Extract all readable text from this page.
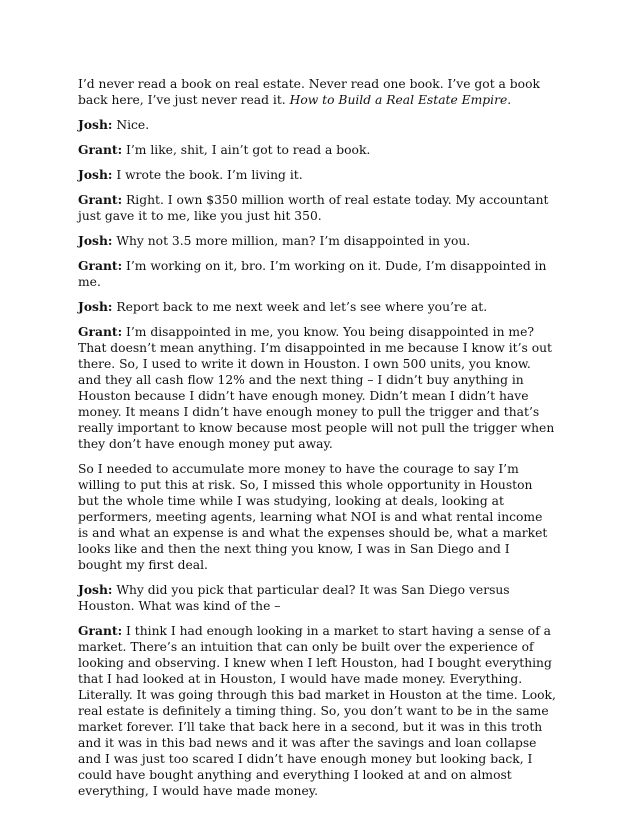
I’d never read a book on real estate. Never read one book. I’ve got a book back here, I’ve just never read it. How to Build a Real Estate Empire.

Josh: Nice.

Grant: I’m like, shit, I ain’t got to read a book.

Josh: I wrote the book. I’m living it.

Grant: Right. I own $350 million worth of real estate today. My accountant just gave it to me, like you just hit 350.

Josh: Why not 3.5 more million, man? I’m disappointed in you.

Grant: I’m working on it, bro. I’m working on it. Dude, I’m disappointed in me.

Josh: Report back to me next week and let’s see where you’re at.

Grant: I’m disappointed in me, you know. You being disappointed in me? That doesn’t mean anything. I’m disappointed in me because I know it’s out there. So, I used to write it down in Houston. I own 500 units, you know. and they all cash flow 12% and the next thing – I didn’t buy anything in Houston because I didn’t have enough money. Didn’t mean I didn’t have money. It means I didn’t have enough money to pull the trigger and that’s really important to know because most people will not pull the trigger when they don’t have enough money put away.

So I needed to accumulate more money to have the courage to say I’m willing to put this at risk. So, I missed this whole opportunity in Houston but the whole time while I was studying, looking at deals, looking at performers, meeting agents, learning what NOI is and what rental income is and what an expense is and what the expenses should be, what a market looks like and then the next thing you know, I was in San Diego and I bought my first deal.

Josh: Why did you pick that particular deal? It was San Diego versus Houston. What was kind of the –

Grant: I think I had enough looking in a market to start having a sense of a market. There’s an intuition that can only be built over the experience of looking and observing. I knew when I left Houston, had I bought everything that I had looked at in Houston, I would have made money. Everything. Literally. It was going through this bad market in Houston at the time. Look, real estate is definitely a timing thing. So, you don’t want to be in the same market forever. I’ll take that back here in a second, but it was in this troth and it was in this bad news and it was after the savings and loan collapse and I was just too scared I didn’t have enough money but looking back, I could have bought anything and everything I looked at and on almost everything, I would have made money.
